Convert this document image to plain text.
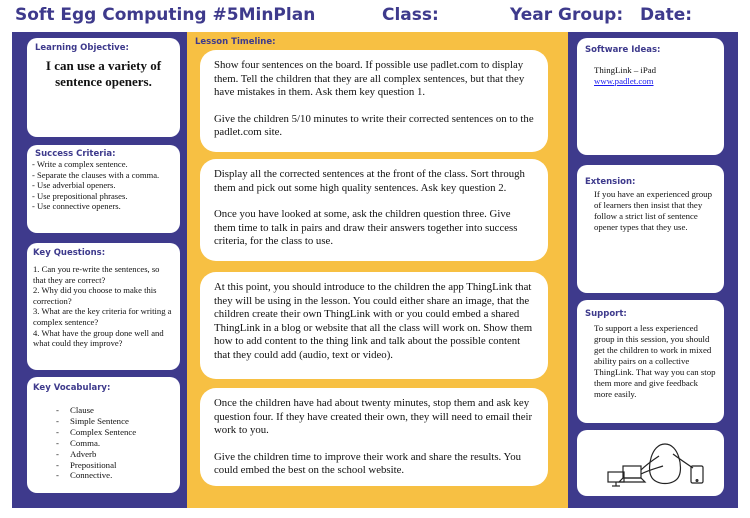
Soft Egg Computing #5MinPlan	Class:	Year Group: Date:
Learning Objective:
I can use a variety of sentence openers.
Success Criteria:
- Write a complex sentence.
- Separate the clauses with a comma.
- Use adverbial openers.
- Use prepositional phrases.
- Use connective openers.
Key Questions:
1. Can you re-write the sentences, so that they are correct?
2. Why did you choose to make this correction?
3. What are the key criteria for writing a complex sentence?
4. What have the group done well and what could they improve?
Key Vocabulary:
- Clause
- Simple Sentence
- Complex Sentence
- Comma.
- Adverb
- Prepositional
- Connective.
Lesson Timeline:

Show four sentences on the board. If possible use padlet.com to display them. Tell the children that they are all complex sentences, but that they have mistakes in them. Ask them key question 1.

Give the children 5/10 minutes to write their corrected sentences on to the padlet.com site.

Display all the corrected sentences at the front of the class. Sort through them and pick out some high quality sentences. Ask key question 2.

Once you have looked at some, ask the children question three. Give them time to talk in pairs and draw their answers together into success criteria, for the class to use.

At this point, you should introduce to the children the app ThingLink that they will be using in the lesson. You could either share an image, that the children create their own ThingLink with or you could embed a shared ThingLink in a blog or website that all the class will work on. Show them how to add content to the thing link and talk about the possible content that they could add (audio, text or video).

Once the children have had about twenty minutes, stop them and ask key question four. If they have created their own, they will need to email their work to you.

Give the children time to improve their work and share the results. You could embed the best on the school website.

Software Ideas:
ThingLink – iPad
www.padlet.com
Extension:
If you have an experienced group of learners then insist that they follow a strict list of sentence opener types that they use.
Support:
To support a less experienced group in this session, you should get the children to work in mixed ability pairs on a collective ThingLink. That way you can stop them more and give feedback more easily.
